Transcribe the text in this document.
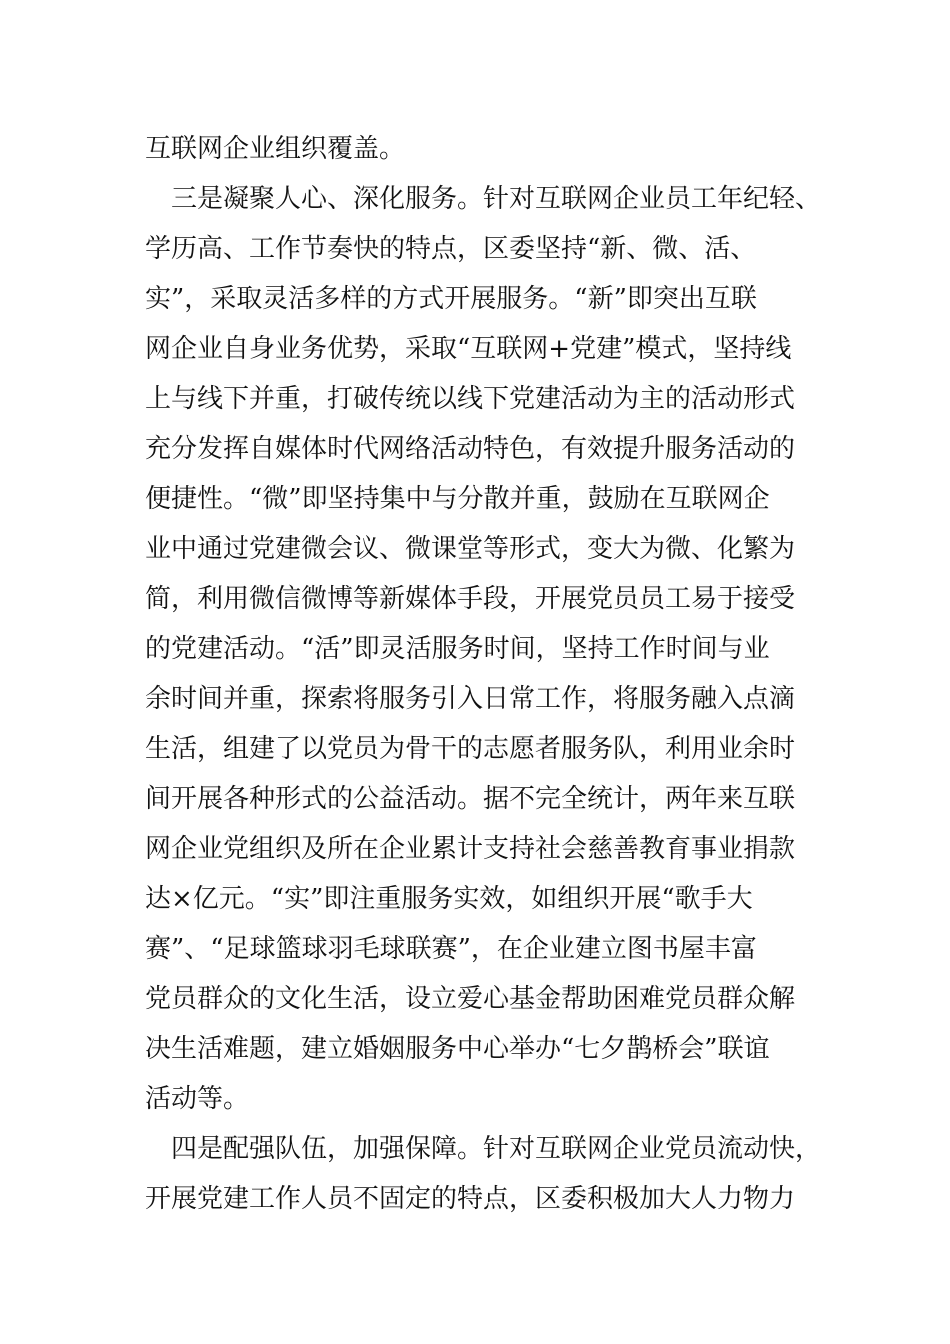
互联网企业组织覆盖。
　三是凝聚人心、深化服务。针对互联网企业员工年纪轻、
学历高、工作节奏快的特点，区委坚持“新、微、活、
实”，采取灵活多样的方式开展服务。“新”即突出互联
网企业自身业务优势，采取“互联网+党建”模式，坚持线
上与线下并重，打破传统以线下党建活动为主的活动形式
充分发挥自媒体时代网络活动特色，有效提升服务活动的
便捷性。“微”即坚持集中与分散并重，鼓励在互联网企
业中通过党建微会议、微课堂等形式，变大为微、化繁为
简，利用微信微博等新媒体手段，开展党员员工易于接受
的党建活动。“活”即灵活服务时间，坚持工作时间与业
余时间并重，探索将服务引入日常工作，将服务融入点滴
生活，组建了以党员为骨干的志愿者服务队，利用业余时
间开展各种形式的公益活动。据不完全统计，两年来互联
网企业党组织及所在企业累计支持社会慈善教育事业捐款
达×亿元。“实”即注重服务实效，如组织开展“歌手大
赛”、“足球篮球羽毛球联赛”，在企业建立图书屋丰富
党员群众的文化生活，设立爱心基金帮助困难党员群众解
决生活难题，建立婚姻服务中心举办“七夕鹊桥会”联谊
活动等。
　四是配强队伍，加强保障。针对互联网企业党员流动快，
开展党建工作人员不固定的特点，区委积极加大人力物力
